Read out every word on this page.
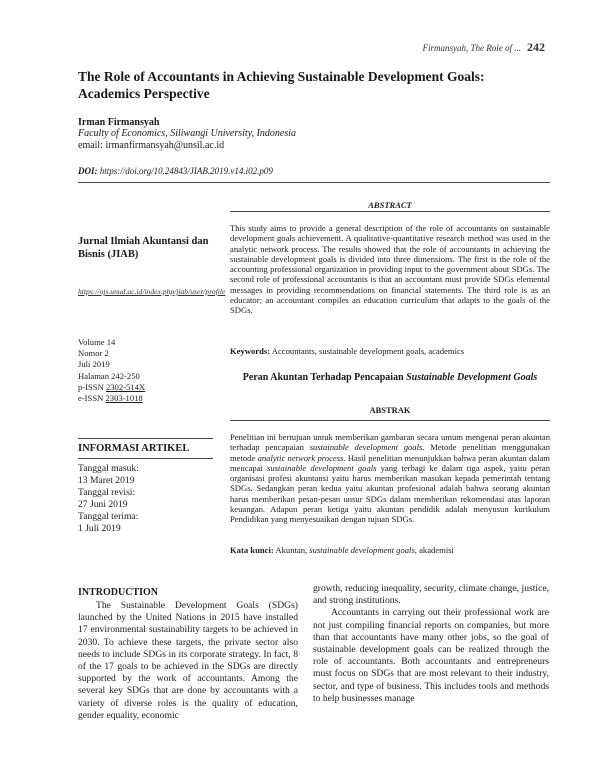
Firmansyah, The Role of ... 242
The Role of Accountants in Achieving Sustainable Development Goals: Academics Perspective
Irman Firmansyah
Faculty of Economics, Siliwangi University, Indonesia
email: irmanfirmansyah@unsil.ac.id
DOI: https://doi.org/10.24843/JIAB.2019.v14.i02.p09
ABSTRACT
This study aims to provide a general description of the role of accountants on sustainable development goals achievement. A qualitative-quantitative research method was used in the analytic network process. The results showed that the role of accountants in achieving the sustainable development goals is divided into three dimensions. The first is the role of the accounting professional organization in providing input to the government about SDGs. The second role of professional accountants is that an accountant must provide SDGs elemental messages in providing recommendations on financial statements. The third role is as an educator; an accountant compiles an education curriculum that adapts to the goals of the SDGs.
Keywords: Accountants, sustainable development goals, academics
Jurnal Ilmiah Akuntansi dan Bisnis (JIAB)
https://ojs.unud.ac.id/index.php/jiab/user/profile
Volume 14
Nomor 2
Juli 2019
Halaman 242-250
p-ISSN 2302-514X
e-ISSN 2303-1018
INFORMASI ARTIKEL
Tanggal masuk:
13 Maret 2019
Tanggal revisi:
27 Juni 2019
Tanggal terima:
1 Juli 2019
Peran Akuntan Terhadap Pencapaian Sustainable Development Goals
ABSTRAK
Penelitian ini bertujuan untuk memberikan gambaran secara umum mengenai peran akuntan terhadap pencapaian sustainable development goals. Metode penelitian menggunakan metode analytic network process. Hasil penelitian menunjukkan bahwa peran akuntan dalam mencapai sustainable development goals yang terbagi ke dalam tiga aspek, yaitu peran organisasi profesi akuntansi yaitu harus memberikan masukan kepada pemerintah tentang SDGs. Sedangkan peran kedua yaitu akuntan profesional adalah bahwa seorang akuntan harus memberikan pesan-pesan unsur SDGs dalam memberikan rekomendasi atas laporan keuangan. Adapun peran ketiga yaitu akuntan pendidik adalah menyusun kurikulum Pendidikan yang menyesuaikan dengan tujuan SDGs.
Kata kunci: Akuntan, sustainable development goals, akademisi
INTRODUCTION
The Sustainable Development Goals (SDGs) launched by the United Nations in 2015 have installed 17 environmental sustainability targets to be achieved in 2030. To achieve these targets, the private sector also needs to include SDGs in its corporate strategy. In fact, 8 of the 17 goals to be achieved in the SDGs are directly supported by the work of accountants. Among the several key SDGs that are done by accountants with a variety of diverse roles is the quality of education, gender equality, economic

growth, reducing inequality, security, climate change, justice, and strong institutions.

Accountants in carrying out their professional work are not just compiling financial reports on companies, but more than that accountants have many other jobs, so the goal of sustainable development goals can be realized through the role of accountants. Both accountants and entrepreneurs must focus on SDGs that are most relevant to their industry, sector, and type of business. This includes tools and methods to help businesses manage
